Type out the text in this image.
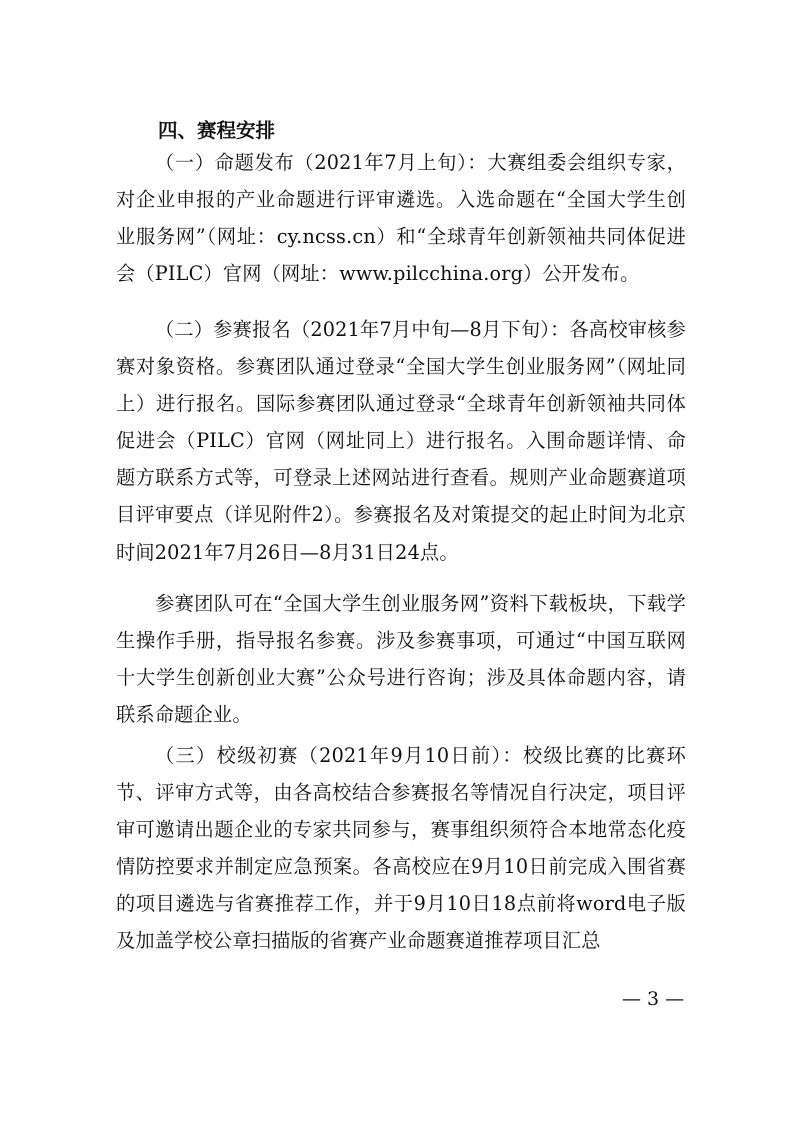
四、赛程安排

（一）命题发布（2021年7月上旬）：大赛组委会组织专家，对企业申报的产业命题进行评审遴选。入选命题在“全国大学生创业服务网”（网址：cy.ncss.cn）和“全球青年创新领袖共同体促进会（PILC）官网（网址：www.pilcchina.org）公开发布。

（二）参赛报名（2021年7月中旬—8月下旬）：各高校审核参赛对象资格。参赛团队通过登录“全国大学生创业服务网”（网址同上）进行报名。国际参赛团队通过登录“全球青年创新领袖共同体促进会（PILC）官网（网址同上）进行报名。入围命题详情、命题方联系方式等，可登录上述网站进行查看。规则产业命题赛道项目评审要点（详见附件2）。参赛报名及对策提交的起止时间为北京时间2021年7月26日—8月31日24点。

参赛团队可在“全国大学生创业服务网”资料下载板块，下载学生操作手册，指导报名参赛。涉及参赛事项，可通过“中国互联网十大学生创新创业大赛”公众号进行咨询；涉及具体命题内容，请联系命题企业。

（三）校级初赛（2021年9月10日前）：校级比赛的比赛环节、评审方式等，由各高校结合参赛报名等情况自行决定，项目评审可邀请出题企业的专家共同参与，赛事组织须符合本地常态化疫情防控要求并制定应急预案。各高校应在9月10日前完成入围省赛的项目遴选与省赛推荐工作，并于9月10日18点前将word电子版及加盖学校公章扫描版的省赛产业命题赛道推荐项目汇总

— 3 —
